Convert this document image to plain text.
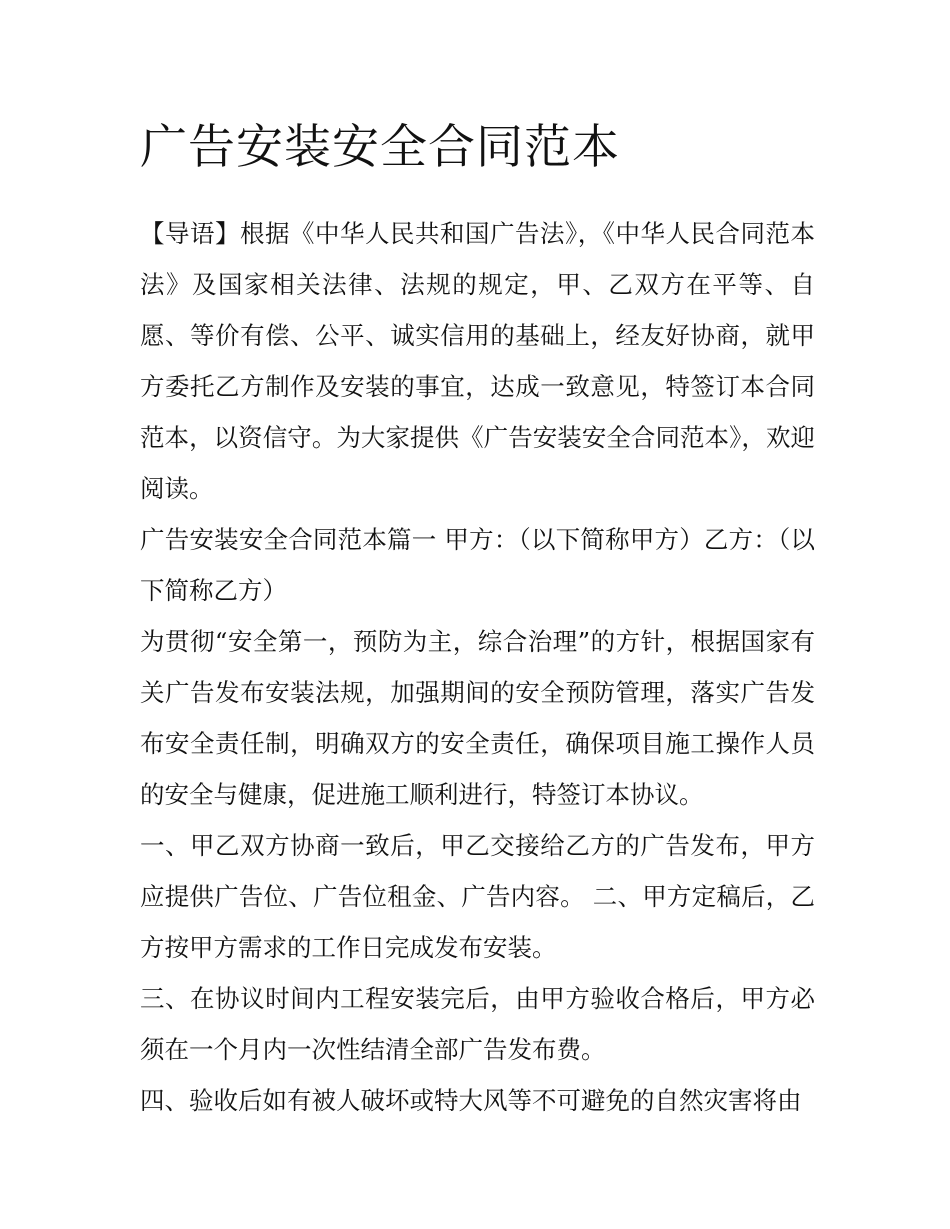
广告安装安全合同范本

【导语】根据《中华人民共和国广告法》，《中华人民合同范本法》及国家相关法律、法规的规定，甲、乙双方在平等、自愿、等价有偿、公平、诚实信用的基础上，经友好协商，就甲方委托乙方制作及安装的事宜，达成一致意见，特签订本合同范本，以资信守。为大家提供《广告安装安全合同范本》，欢迎阅读。

广告安装安全合同范本篇一 甲方：（以下简称甲方）乙方：（以下简称乙方）

为贯彻“安全第一，预防为主，综合治理”的方针，根据国家有关广告发布安装法规，加强期间的安全预防管理，落实广告发布安全责任制，明确双方的安全责任，确保项目施工操作人员的安全与健康，促进施工顺利进行，特签订本协议。

一、甲乙双方协商一致后，甲乙交接给乙方的广告发布，甲方应提供广告位、广告位租金、广告内容。 二、甲方定稿后，乙方按甲方需求的工作日完成发布安装。

三、在协议时间内工程安装完后，由甲方验收合格后，甲方必须在一个月内一次性结清全部广告发布费。

四、验收后如有被人破坏或特大风等不可避免的自然灾害将由
